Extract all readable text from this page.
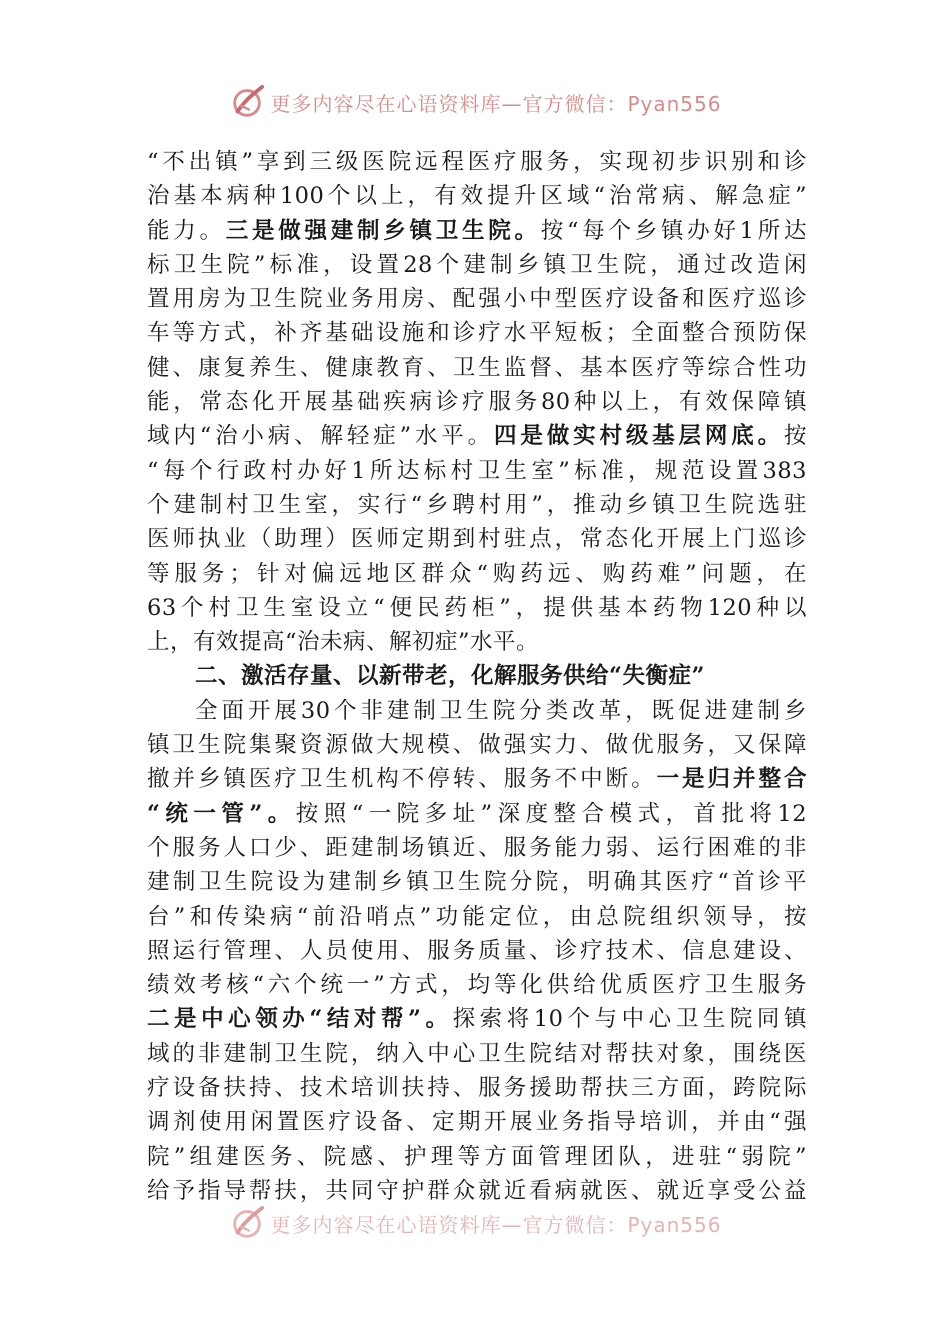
更多内容尽在心语资料库—官方微信：Pyan556
“不出镇”享到三级医院远程医疗服务，实现初步识别和诊
治基本病种100个以上，有效提升区域“治常病、解急症”
能力。三是做强建制乡镇卫生院。按“每个乡镇办好1所达
标卫生院”标准，设置28个建制乡镇卫生院，通过改造闲
置用房为卫生院业务用房、配强小中型医疗设备和医疗巡诊
车等方式，补齐基础设施和诊疗水平短板；全面整合预防保
健、康复养生、健康教育、卫生监督、基本医疗等综合性功
能，常态化开展基础疾病诊疗服务80种以上，有效保障镇
域内“治小病、解轻症”水平。四是做实村级基层网底。按
“每个行政村办好1所达标村卫生室”标准，规范设置383
个建制村卫生室，实行“乡聘村用”，推动乡镇卫生院选驻
医师执业（助理）医师定期到村驻点，常态化开展上门巡诊
等服务；针对偏远地区群众“购药远、购药难”问题，在
63个村卫生室设立“便民药柜”，提供基本药物120种以
上，有效提高“治未病、解初症”水平。
二、激活存量、以新带老，化解服务供给“失衡症”
全面开展30个非建制卫生院分类改革，既促进建制乡
镇卫生院集聚资源做大规模、做强实力、做优服务，又保障
撤并乡镇医疗卫生机构不停转、服务不中断。一是归并整合
“统一管”。按照“一院多址”深度整合模式，首批将12
个服务人口少、距建制场镇近、服务能力弱、运行困难的非
建制卫生院设为建制乡镇卫生院分院，明确其医疗“首诊平
台”和传染病“前沿哨点”功能定位，由总院组织领导，按
照运行管理、人员使用、服务质量、诊疗技术、信息建设、
绩效考核“六个统一”方式，均等化供给优质医疗卫生服务
二是中心领办“结对帮”。探索将10个与中心卫生院同镇
域的非建制卫生院，纳入中心卫生院结对帮扶对象，围绕医
疗设备扶持、技术培训扶持、服务援助帮扶三方面，跨院际
调剂使用闲置医疗设备、定期开展业务指导培训，并由“强
院”组建医务、院感、护理等方面管理团队，进驻“弱院”
给予指导帮扶，共同守护群众就近看病就医、就近享受公益
更多内容尽在心语资料库—官方微信：Pyan556
